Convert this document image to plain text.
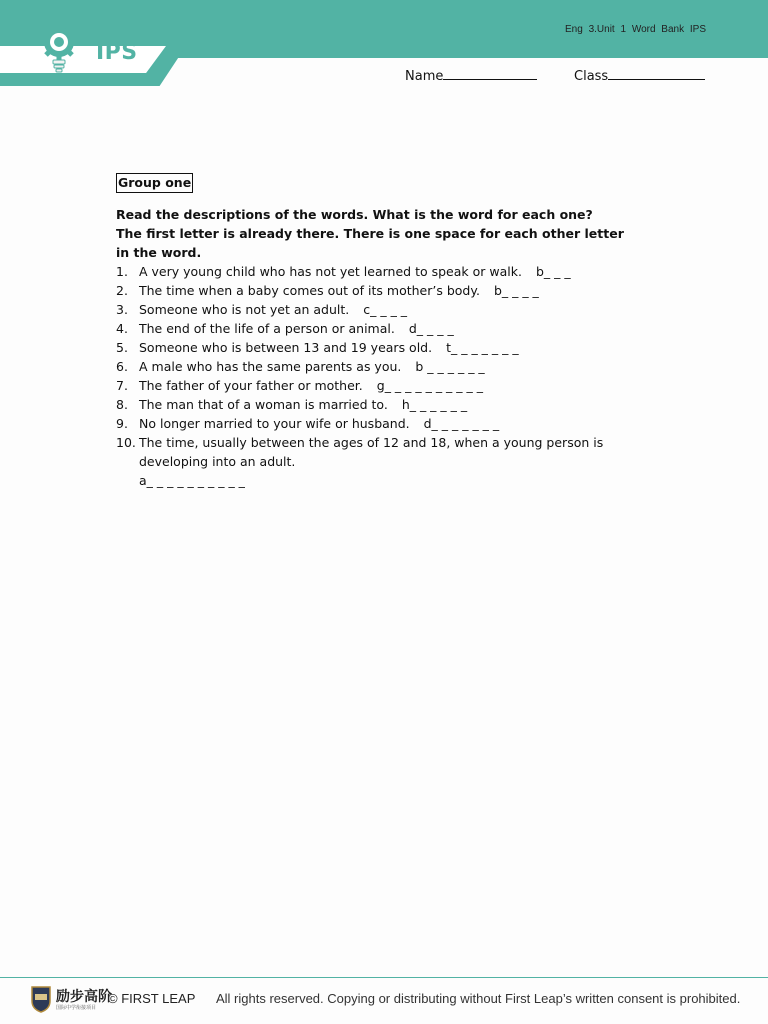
IPS
Eng 3.Unit 1 Word Bank IPS
Name	Class
Group one
Read the descriptions of the words. What is the word for each one?
The first letter is already there. There is one space for each other letter in the word.
1. A very young child who has not yet learned to speak or walk. b_ _ _
2. The time when a baby comes out of its mother’s body. b_ _ _ _
3. Someone who is not yet an adult. c_ _ _ _
4. The end of the life of a person or animal. d_ _ _ _
5. Someone who is between 13 and 19 years old. t_ _ _ _ _ _ _
6. A male who has the same parents as you. b _ _ _ _ _ _
7. The father of your father or mother. g_ _ _ _ _ _ _ _ _ _
8. The man that of a woman is married to. h_ _ _ _ _ _
9. No longer married to your wife or husband. d_ _ _ _ _ _ _
10. The time, usually between the ages of 12 and 18, when a young person is developing into an adult.
a_ _ _ _ _ _ _ _ _ _
励步高阶
国际中学衔接项目
© FIRST LEAP All rights reserved. Copying or distributing without First Leap’s written consent is prohibited.
